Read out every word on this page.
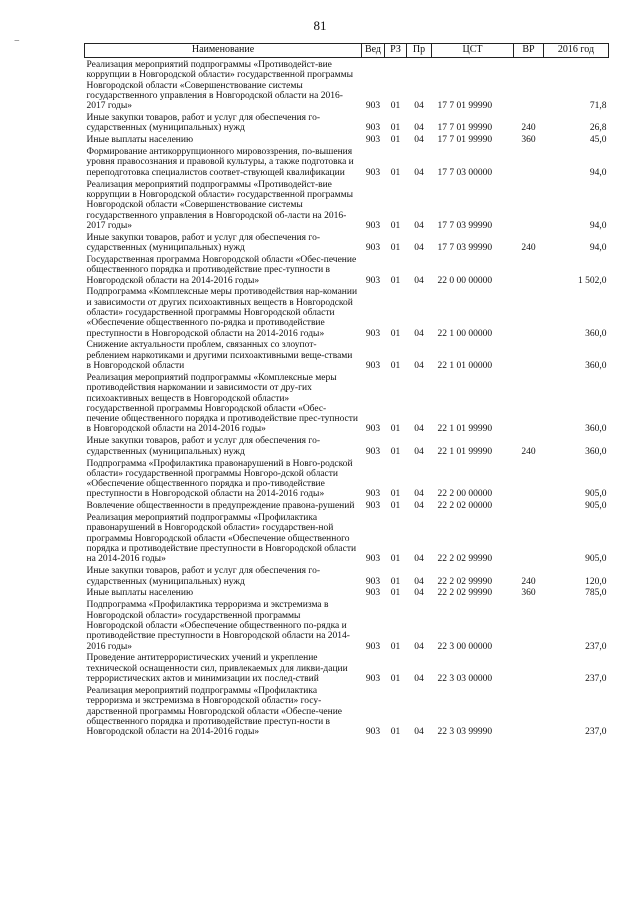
81
−
Наименование	Вед	РЗ	Пр	ЦСТ	ВР	2016 год
Реализация мероприятий подпрограммы «Противодейст-вие коррупции в Новгородской области» государственной программы Новгородской области «Совершенствование системы государственного управления в Новгородской области на 2016-2017 годы»	903	01	04	17 7 01 99990		71,8
Иные закупки товаров, работ и услуг для обеспечения го-сударственных (муниципальных) нужд	903	01	04	17 7 01 99990	240	26,8
Иные выплаты населению	903	01	04	17 7 01 99990	360	45,0
Формирование антикоррупционного мировоззрения, по-вышения уровня правосознания и правовой культуры, а также подготовка и переподготовка специалистов соответ-ствующей квалификации	903	01	04	17 7 03 00000		94,0
Реализация мероприятий подпрограммы «Противодейст-вие коррупции в Новгородской области» государственной программы Новгородской области «Совершенствование системы государственного управления в Новгородской об-ласти на 2016-2017 годы»	903	01	04	17 7 03 99990		94,0
Иные закупки товаров, работ и услуг для обеспечения го-сударственных (муниципальных) нужд	903	01	04	17 7 03 99990	240	94,0
Государственная программа Новгородской области «Обес-печение общественного порядка и противодействие прес-тупности в Новгородской области на 2014-2016 годы»	903	01	04	22 0 00 00000		1 502,0
Подпрограмма «Комплексные меры противодействия нар-комании и зависимости от других психоактивных веществ в Новгородской области» государственной программы Новгородской области «Обеспечение общественного по-рядка и противодействие преступности в Новгородской области на 2014-2016 годы»	903	01	04	22 1 00 00000		360,0
Снижение актуальности проблем, связанных со злоупот-реблением наркотиками и другими психоактивными веще-ствами в Новгородской области	903	01	04	22 1 01 00000		360,0
Реализация мероприятий подпрограммы «Комплексные меры противодействия наркомании и зависимости от дру-гих психоактивных веществ в Новгородской области» государственной программы Новгородской области «Обес-печение общественного порядка и противодействие прес-тупности в Новгородской области на 2014-2016 годы»	903	01	04	22 1 01 99990		360,0
Иные закупки товаров, работ и услуг для обеспечения го-сударственных (муниципальных) нужд	903	01	04	22 1 01 99990	240	360,0
Подпрограмма «Профилактика правонарушений в Новго-родской области» государственной программы Новгоро-дской области «Обеспечение общественного порядка и про-тиводействие преступности в Новгородской области на 2014-2016 годы»	903	01	04	22 2 00 00000		905,0
Вовлечение общественности в предупреждение правона-рушений	903	01	04	22 2 02 00000		905,0
Реализация мероприятий подпрограммы «Профилактика правонарушений в Новгородской области» государствен-ной программы Новгородской области «Обеспечение общественного порядка и противодействие преступности в Новгородской области на 2014-2016 годы»	903	01	04	22 2 02 99990		905,0
Иные закупки товаров, работ и услуг для обеспечения го-сударственных (муниципальных) нужд	903	01	04	22 2 02 99990	240	120,0
Иные выплаты населению	903	01	04	22 2 02 99990	360	785,0
Подпрограмма «Профилактика терроризма и экстремизма в Новгородской области» государственной программы Новгородской области «Обеспечение общественного по-рядка и противодействие преступности в Новгородской области на 2014-2016 годы»	903	01	04	22 3 00 00000		237,0
Проведение антитеррористических учений и укрепление технической оснащенности сил, привлекаемых для ликви-дации террористических актов и минимизации их послед-ствий	903	01	04	22 3 03 00000		237,0
Реализация мероприятий подпрограммы «Профилактика терроризма и экстремизма в Новгородской области» госу-дарственной программы Новгородской области «Обеспе-чение общественного порядка и противодействие преступ-ности в Новгородской области на 2014-2016 годы»	903	01	04	22 3 03 99990		237,0
